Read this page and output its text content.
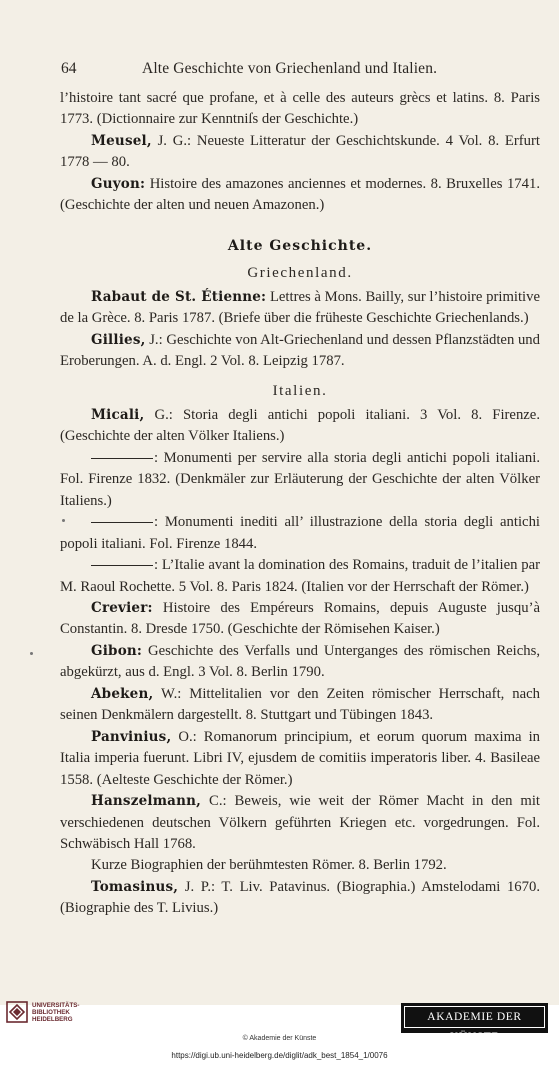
64	Alte Geschichte von Griechenland und Italien.

l’histoire tant sacré que profane, et à celle des auteurs grècs et latins. 8. Paris 1773. (Dictionnaire zur Kenntniſs der Geschichte.)

Meusel, J. G.: Neueste Litteratur der Geschichtskunde. 4 Vol. 8. Erfurt 1778 — 80.

Guyon: Histoire des amazones anciennes et modernes. 8. Bruxelles 1741. (Geschichte der alten und neuen Amazonen.)

Alte Geschichte.
Griechenland.

Rabaut de St. Étienne: Lettres à Mons. Bailly, sur l’histoire primitive de la Grèce. 8. Paris 1787. (Briefe über die früheste Geschichte Griechenlands.)

Gillies, J.: Geschichte von Alt-Griechenland und dessen Pflanzstädten und Eroberungen. A. d. Engl. 2 Vol. 8. Leipzig 1787.

Italien.

Micali, G.: Storia degli antichi popoli italiani. 3 Vol. 8. Firenze. (Geschichte der alten Völker Italiens.)

: Monumenti per servire alla storia degli antichi popoli italiani. Fol. Firenze 1832. (Denkmäler zur Erläuterung der Geschichte der alten Völker Italiens.)

: Monumenti inediti all’ illustrazione della storia degli antichi popoli italiani. Fol. Firenze 1844.

: L’Italie avant la domination des Romains, traduit de l’italien par M. Raoul Rochette. 5 Vol. 8. Paris 1824. (Italien vor der Herrschaft der Römer.)

Crevier: Histoire des Empéreurs Romains, depuis Auguste jusqu’à Constantin. 8. Dresde 1750. (Geschichte der Römisehen Kaiser.)

Gibon: Geschichte des Verfalls und Unterganges des römischen Reichs, abgekürzt, aus d. Engl. 3 Vol. 8. Berlin 1790.

Abeken, W.: Mittelitalien vor den Zeiten römischer Herrschaft, nach seinen Denkmälern dargestellt. 8. Stuttgart und Tübingen 1843.

Panvinius, O.: Romanorum principium, et eorum quorum maxima in Italia imperia fuerunt. Libri IV, ejusdem de comitiis imperatoris liber. 4. Basileae 1558. (Aelteste Geschichte der Römer.)

Hanszelmann, C.: Beweis, wie weit der Römer Macht in den mit verschiedenen deutschen Völkern geführten Kriegen etc. vorgedrungen. Fol. Schwäbisch Hall 1768.

Kurze Biographien der berühmtesten Römer. 8. Berlin 1792.

Tomasinus, J. P.: T. Liv. Patavinus. (Biographia.) Amstelodami 1670. (Biographie des T. Livius.)

UNIVERSITÄTS-
BIBLIOTHEK
HEIDELBERG	AKADEMIE DER KÜNSTE
© Akademie der Künste
https://digi.ub.uni-heidelberg.de/diglit/adk_best_1854_1/0076
